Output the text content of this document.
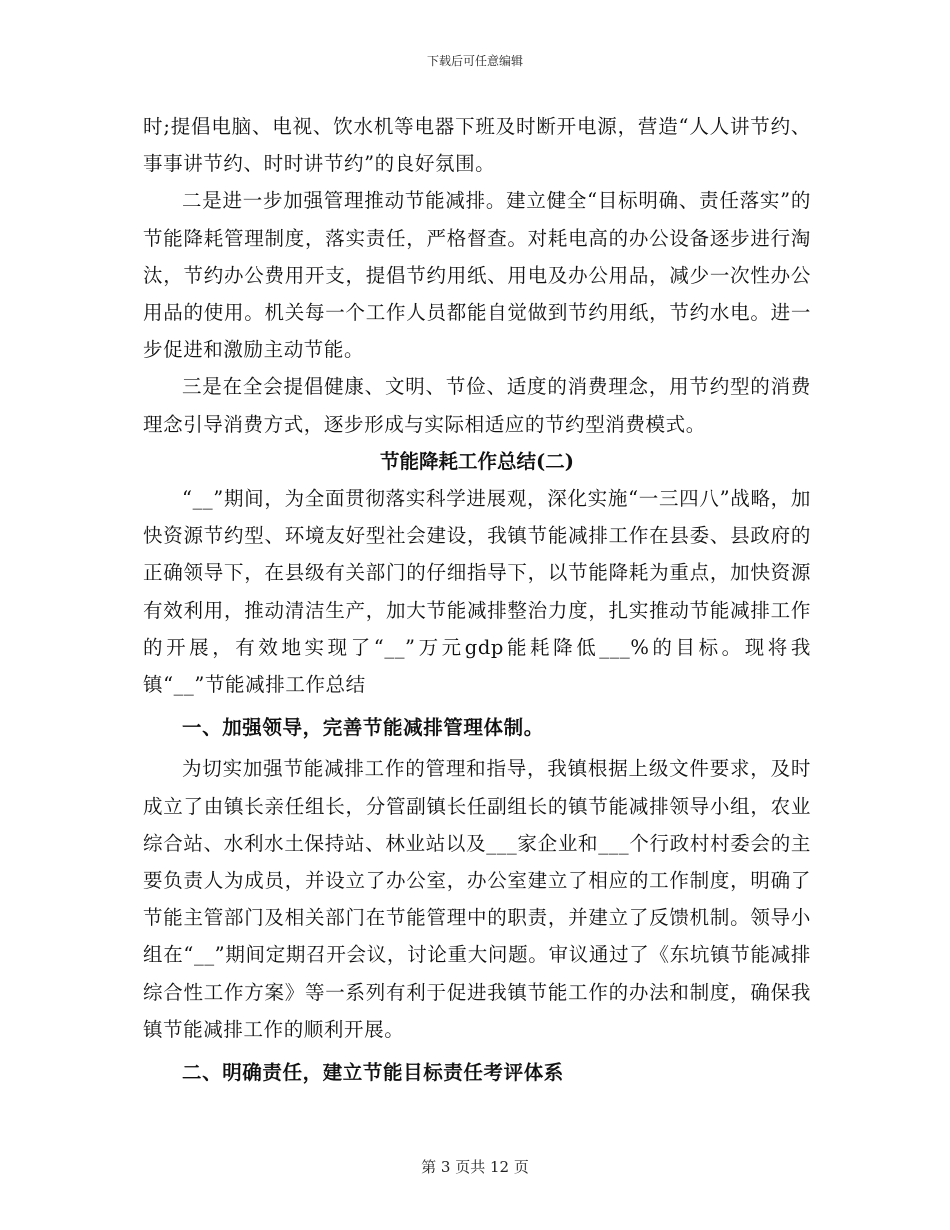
下载后可任意编辑

时;提倡电脑、电视、饮水机等电器下班及时断开电源，营造“人人讲节约、事事讲节约、时时讲节约”的良好氛围。

二是进一步加强管理推动节能减排。建立健全“目标明确、责任落实”的节能降耗管理制度，落实责任，严格督查。对耗电高的办公设备逐步进行淘汰，节约办公费用开支，提倡节约用纸、用电及办公用品，减少一次性办公用品的使用。机关每一个工作人员都能自觉做到节约用纸，节约水电。进一步促进和激励主动节能。

三是在全会提倡健康、文明、节俭、适度的消费理念，用节约型的消费理念引导消费方式，逐步形成与实际相适应的节约型消费模式。

节能降耗工作总结(二)

“__”期间，为全面贯彻落实科学进展观，深化实施“一三四八”战略，加快资源节约型、环境友好型社会建设，我镇节能减排工作在县委、县政府的正确领导下，在县级有关部门的仔细指导下，以节能降耗为重点，加快资源有效利用，推动清洁生产，加大节能减排整治力度，扎实推动节能减排工作的开展，有效地实现了“__”万元gdp能耗降低___%的目标。现将我镇“__”节能减排工作总结

一、加强领导，完善节能减排管理体制。

为切实加强节能减排工作的管理和指导，我镇根据上级文件要求，及时成立了由镇长亲任组长，分管副镇长任副组长的镇节能减排领导小组，农业综合站、水利水土保持站、林业站以及___家企业和___个行政村村委会的主要负责人为成员，并设立了办公室，办公室建立了相应的工作制度，明确了节能主管部门及相关部门在节能管理中的职责，并建立了反馈机制。领导小组在“__”期间定期召开会议，讨论重大问题。审议通过了《东坑镇节能减排综合性工作方案》等一系列有利于促进我镇节能工作的办法和制度，确保我镇节能减排工作的顺利开展。

二、明确责任，建立节能目标责任考评体系

第 3 页共 12 页
